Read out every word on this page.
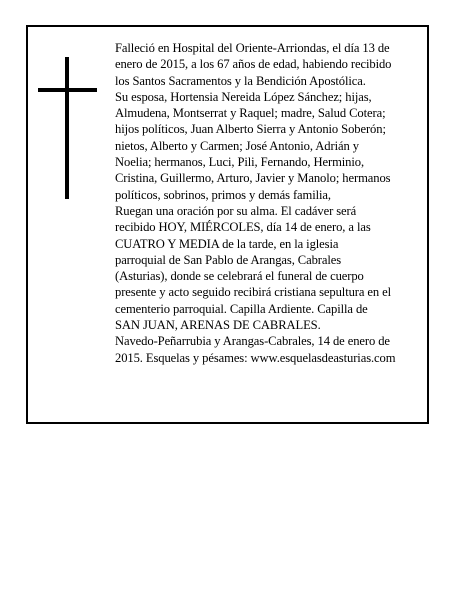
Falleció en Hospital del Oriente-Arriondas, el día 13 de

enero de 2015, a los 67 años de edad, habiendo recibido

los Santos Sacramentos y la Bendición Apostólica.

Su esposa, Hortensia Nereida López Sánchez; hijas,

Almudena, Montserrat y Raquel; madre, Salud Cotera;

hijos políticos, Juan Alberto Sierra y Antonio Soberón;

nietos, Alberto y Carmen; José Antonio, Adrián y

Noelia; hermanos, Luci, Pili, Fernando, Herminio,

Cristina, Guillermo, Arturo, Javier y Manolo; hermanos

políticos, sobrinos, primos y demás familia,

Ruegan una oración por su alma. El cadáver será

recibido HOY, MIÉRCOLES, día 14 de enero, a las

CUATRO Y MEDIA de la tarde, en la iglesia

parroquial de San Pablo de Arangas, Cabrales

(Asturias), donde se celebrará el funeral de cuerpo

presente y acto seguido recibirá cristiana sepultura en el

cementerio parroquial. Capilla Ardiente. Capilla de

SAN JUAN, ARENAS DE CABRALES.

Navedo-Peñarrubia y Arangas-Cabrales, 14 de enero de

2015. Esquelas y pésames: www.esquelasdeasturias.com
